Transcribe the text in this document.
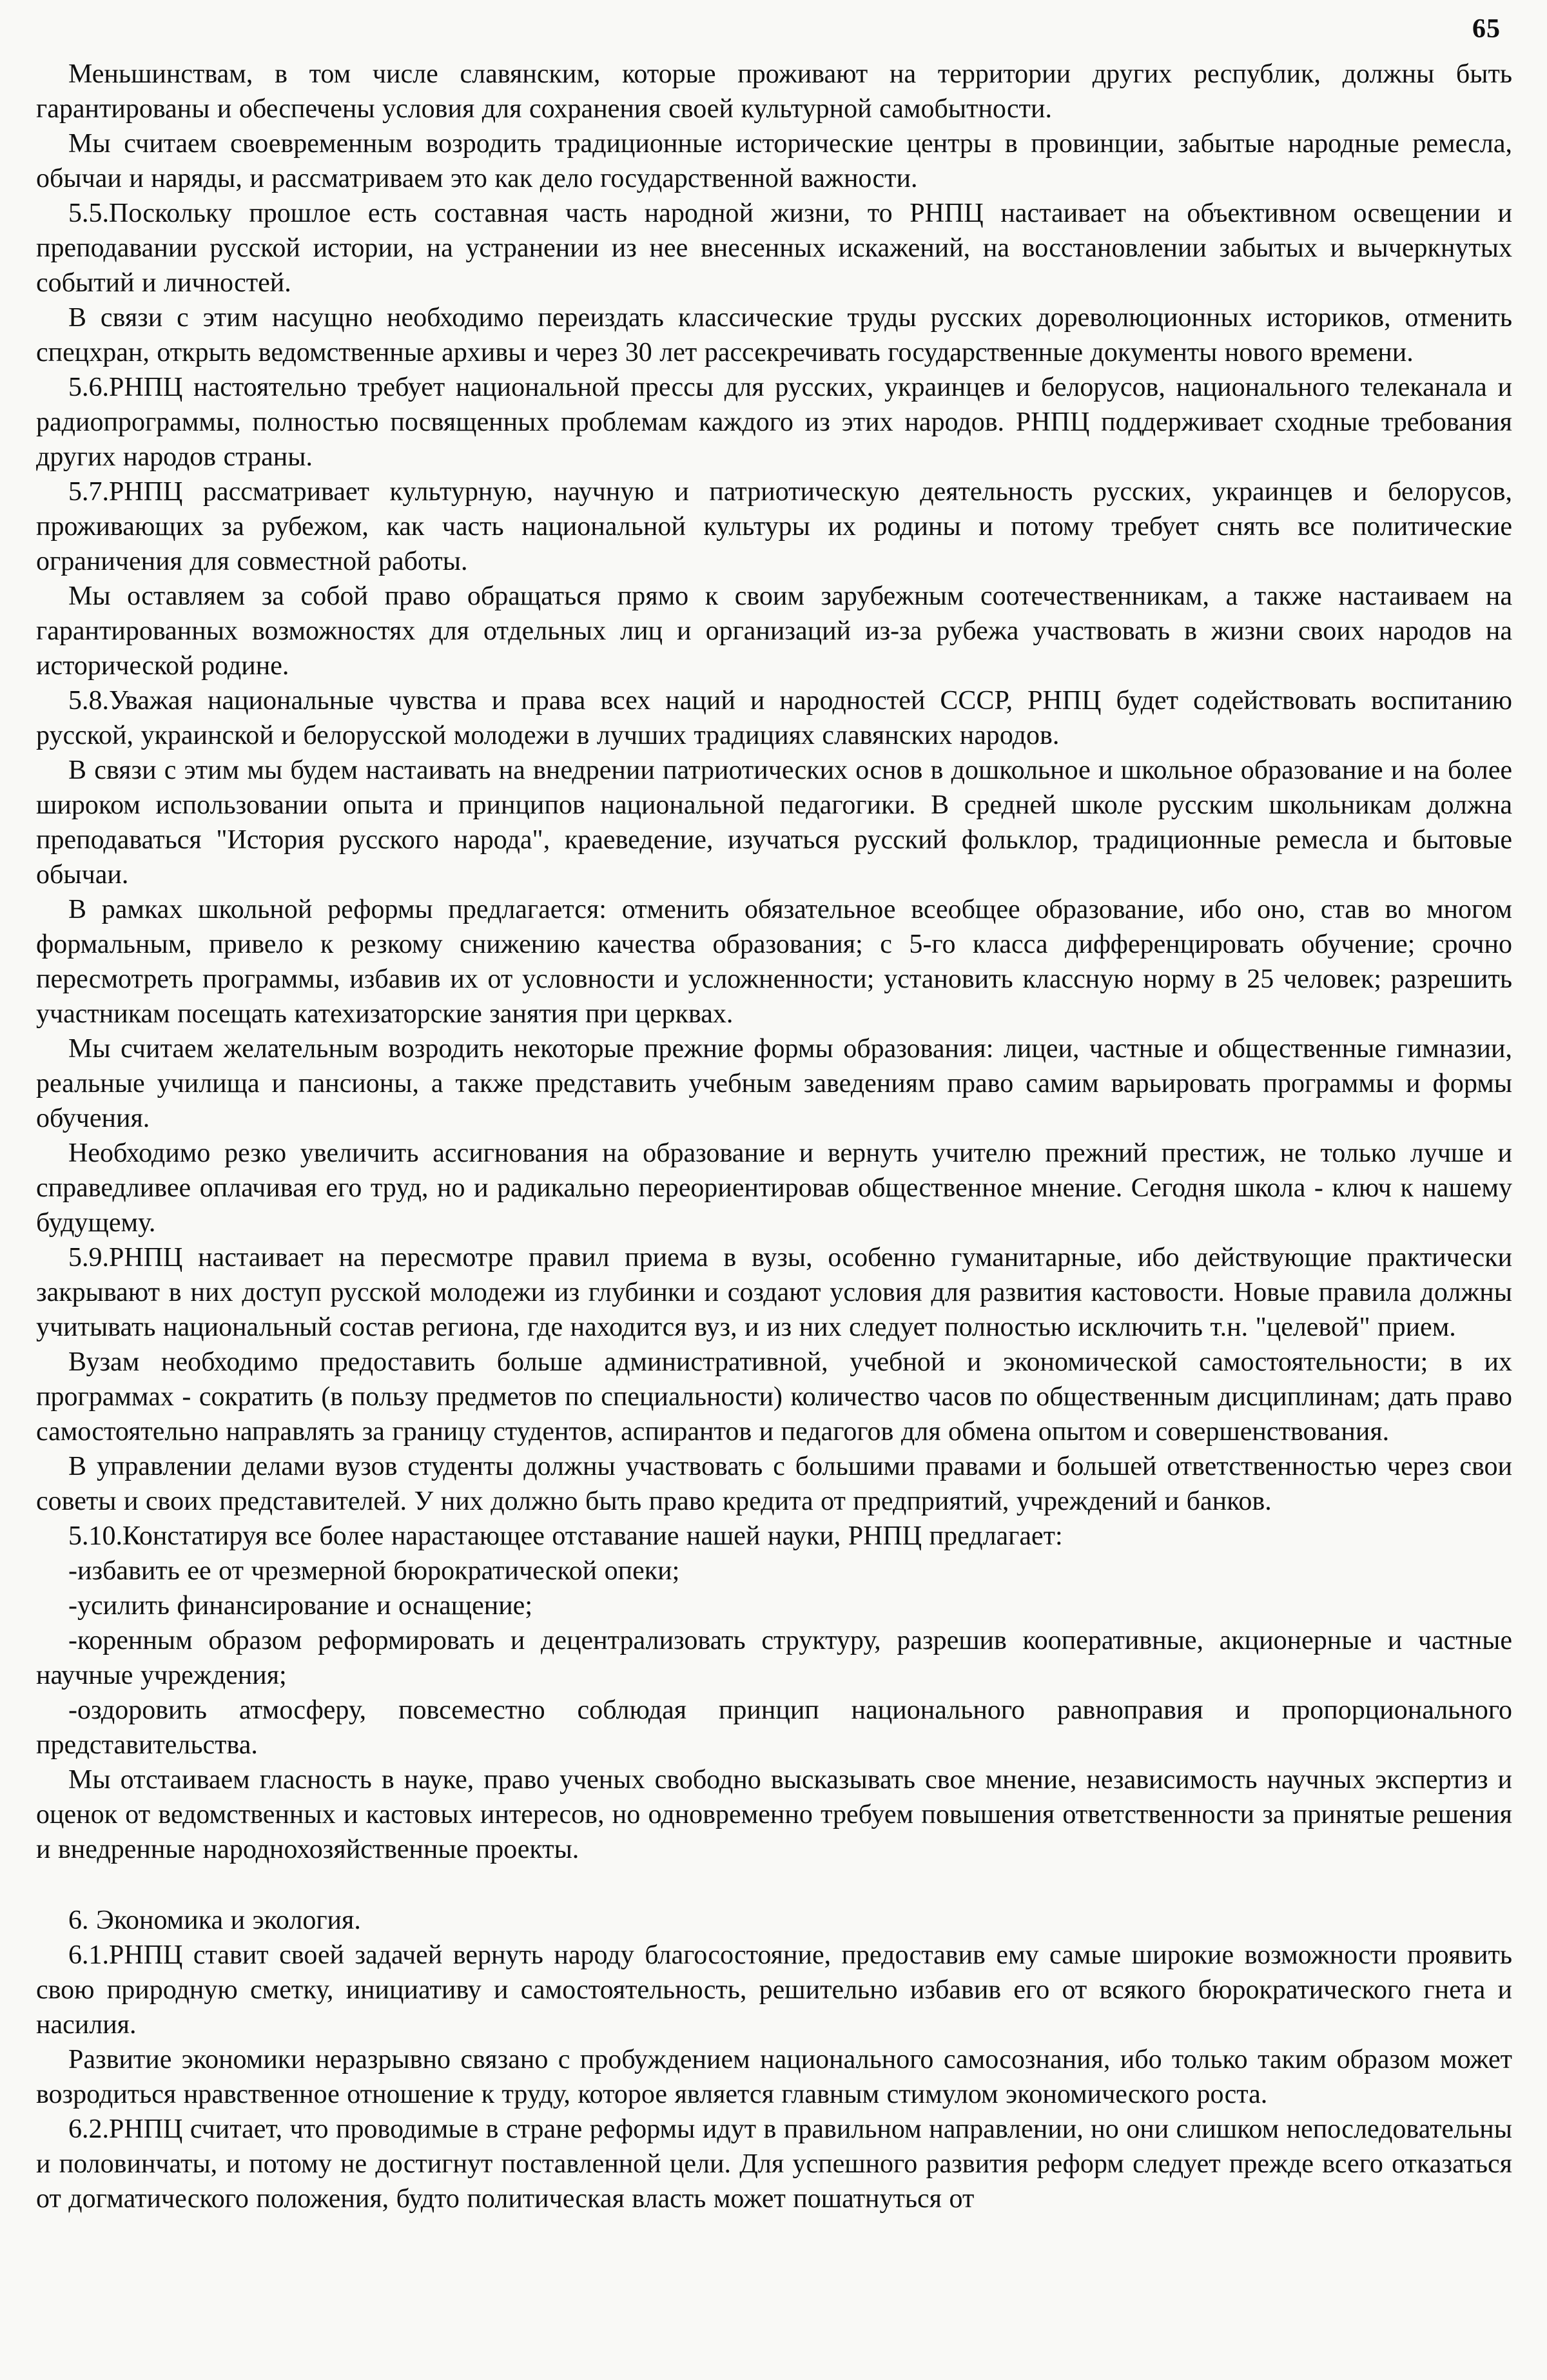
65

Меньшинствам, в том числе славянским, которые проживают на территории других республик, должны быть гарантированы и обеспечены условия для сохранения своей культурной самобытности.

Мы считаем своевременным возродить традиционные исторические центры в провинции, забытые народные ремесла, обычаи и наряды, и рассматриваем это как дело государственной важности.

5.5.Поскольку прошлое есть составная часть народной жизни, то РНПЦ настаивает на объективном освещении и преподавании русской истории, на устранении из нее внесенных искажений, на восстановлении забытых и вычеркнутых событий и личностей.

В связи с этим насущно необходимо переиздать классические труды русских дореволюционных историков, отменить спецхран, открыть ведомственные архивы и через 30 лет рассекречивать государственные документы нового времени.

5.6.РНПЦ настоятельно требует национальной прессы для русских, украинцев и белорусов, национального телеканала и радиопрограммы, полностью посвященных проблемам каждого из этих народов. РНПЦ поддерживает сходные требования других народов страны.

5.7.РНПЦ рассматривает культурную, научную и патриотическую деятельность русских, украинцев и белорусов, проживающих за рубежом, как часть национальной культуры их родины и потому требует снять все политические ограничения для совместной работы.

Мы оставляем за собой право обращаться прямо к своим зарубежным соотечественникам, а также настаиваем на гарантированных возможностях для отдельных лиц и организаций из-за рубежа участвовать в жизни своих народов на исторической родине.

5.8.Уважая национальные чувства и права всех наций и народностей СССР, РНПЦ будет содействовать воспитанию русской, украинской и белорусской молодежи в лучших традициях славянских народов.

В связи с этим мы будем настаивать на внедрении патриотических основ в дошкольное и школьное образование и на более широком использовании опыта и принципов национальной педагогики. В средней школе русским школьникам должна преподаваться "История русского народа", краеведение, изучаться русский фольклор, традиционные ремесла и бытовые обычаи.

В рамках школьной реформы предлагается: отменить обязательное всеобщее образование, ибо оно, став во многом формальным, привело к резкому снижению качества образования; с 5-го класса дифференцировать обучение; срочно пересмотреть программы, избавив их от условности и усложненности; установить классную норму в 25 человек; разрешить участникам посещать катехизаторские занятия при церквах.

Мы считаем желательным возродить некоторые прежние формы образования: лицеи, частные и общественные гимназии, реальные училища и пансионы, а также представить учебным заведениям право самим варьировать программы и формы обучения.

Необходимо резко увеличить ассигнования на образование и вернуть учителю прежний престиж, не только лучше и справедливее оплачивая его труд, но и радикально переориентировав общественное мнение. Сегодня школа - ключ к нашему будущему.

5.9.РНПЦ настаивает на пересмотре правил приема в вузы, особенно гуманитарные, ибо действующие практически закрывают в них доступ русской молодежи из глубинки и создают условия для развития кастовости. Новые правила должны учитывать национальный состав региона, где находится вуз, и из них следует полностью исключить т.н. "целевой" прием.

Вузам необходимо предоставить больше административной, учебной и экономической самостоятельности; в их программах - сократить (в пользу предметов по специальности) количество часов по общественным дисциплинам; дать право самостоятельно направлять за границу студентов, аспирантов и педагогов для обмена опытом и совершенствования.

В управлении делами вузов студенты должны участвовать с большими правами и большей ответственностью через свои советы и своих представителей. У них должно быть право кредита от предприятий, учреждений и банков.

5.10.Констатируя все более нарастающее отставание нашей науки, РНПЦ предлагает:

-избавить ее от чрезмерной бюрократической опеки;

-усилить финансирование и оснащение;

-коренным образом реформировать и децентрализовать структуру, разрешив кооперативные, акционерные и частные научные учреждения;

-оздоровить атмосферу, повсеместно соблюдая принцип национального равноправия и пропорционального представительства.

Мы отстаиваем гласность в науке, право ученых свободно высказывать свое мнение, независимость научных экспертиз и оценок от ведомственных и кастовых интересов, но одновременно требуем повышения ответственности за принятые решения и внедренные народнохозяйственные проекты.

6. Экономика и экология.

6.1.РНПЦ ставит своей задачей вернуть народу благосостояние, предоставив ему самые широкие возможности проявить свою природную сметку, инициативу и самостоятельность, решительно избавив его от всякого бюрократического гнета и насилия.

Развитие экономики неразрывно связано с пробуждением национального самосознания, ибо только таким образом может возродиться нравственное отношение к труду, которое является главным стимулом экономического роста.

6.2.РНПЦ считает, что проводимые в стране реформы идут в правильном направлении, но они слишком непоследовательны и половинчаты, и потому не достигнут поставленной цели. Для успешного развития реформ следует прежде всего отказаться от догматического положения, будто политическая власть может пошатнуться от
